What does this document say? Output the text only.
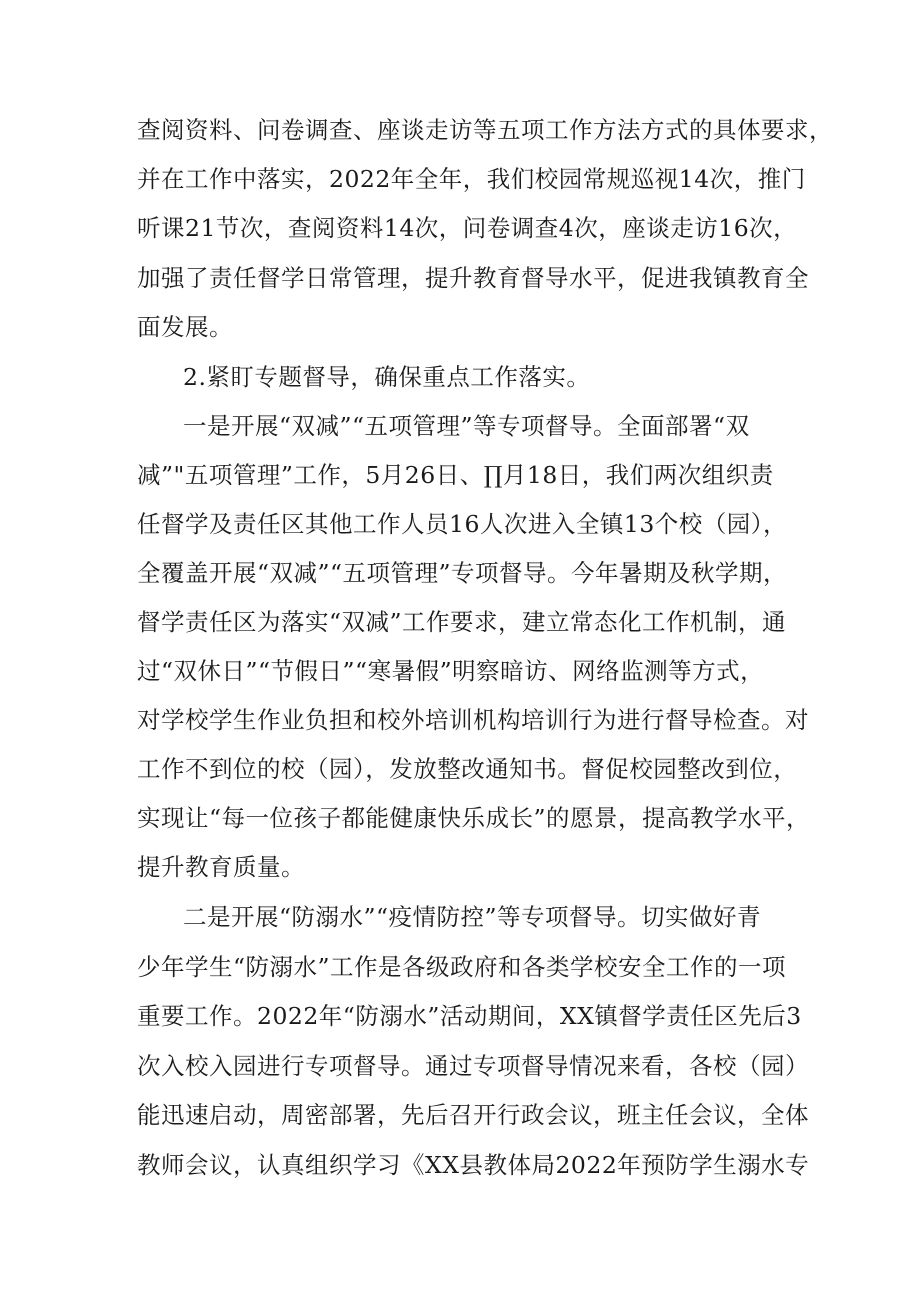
查阅资料、问卷调查、座谈走访等五项工作方法方式的具体要求，
并在工作中落实，2022年全年，我们校园常规巡视14次，推门
听课21节次，查阅资料14次，问卷调查4次，座谈走访16次，
加强了责任督学日常管理，提升教育督导水平，促进我镇教育全
面发展。
2.紧盯专题督导，确保重点工作落实。
一是开展“双减”“五项管理”等专项督导。全面部署“双
减”"五项管理”工作，5月26日、∏月18日，我们两次组织责
任督学及责任区其他工作人员16人次进入全镇13个校（园），
全覆盖开展“双减”“五项管理”专项督导。今年暑期及秋学期，
督学责任区为落实“双减”工作要求，建立常态化工作机制，通
过“双休日”“节假日”“寒暑假”明察暗访、网络监测等方式，
对学校学生作业负担和校外培训机构培训行为进行督导检查。对
工作不到位的校（园），发放整改通知书。督促校园整改到位，
实现让“每一位孩子都能健康快乐成长”的愿景，提高教学水平，
提升教育质量。
二是开展“防溺水”“疫情防控”等专项督导。切实做好青
少年学生“防溺水”工作是各级政府和各类学校安全工作的一项
重要工作。2022年“防溺水”活动期间，XX镇督学责任区先后3
次入校入园进行专项督导。通过专项督导情况来看，各校（园）
能迅速启动，周密部署，先后召开行政会议，班主任会议，全体
教师会议，认真组织学习《XX县教体局2022年预防学生溺水专
